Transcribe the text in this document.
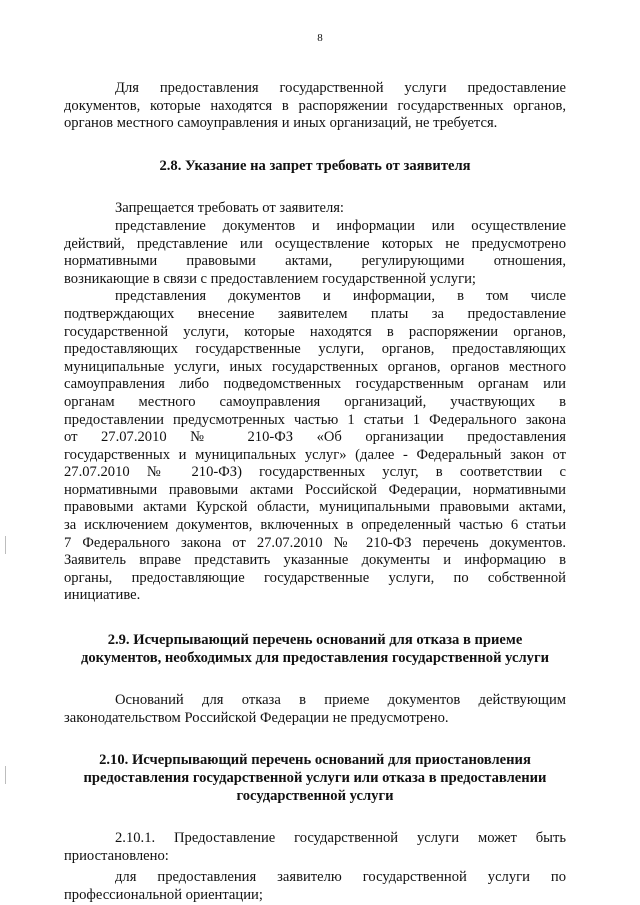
8

Для предоставления государственной услуги предоставление

документов, которые находятся в распоряжении государственных органов,

органов местного самоуправления и иных организаций, не требуется.

2.8. Указание на запрет требовать от заявителя

Запрещается требовать от заявителя:

представление документов и информации или осуществление

действий, представление или осуществление которых не предусмотрено

нормативными правовыми актами, регулирующими отношения,

возникающие в связи с предоставлением государственной услуги;

представления документов и информации, в том числе

подтверждающих внесение заявителем платы за предоставление

государственной услуги, которые находятся в распоряжении органов,

предоставляющих государственные услуги, органов, предоставляющих

муниципальные услуги, иных государственных органов, органов местного

самоуправления либо подведомственных государственным органам или

органам местного самоуправления организаций, участвующих в

предоставлении предусмотренных частью 1 статьи 1 Федерального закона

от 27.07.2010 № 210-ФЗ «Об организации предоставления

государственных и муниципальных услуг» (далее - Федеральный закон от

27.07.2010 № 210-ФЗ) государственных услуг, в соответствии с

нормативными правовыми актами Российской Федерации, нормативными

правовыми актами Курской области, муниципальными правовыми актами,

за исключением документов, включенных в определенный частью 6 статьи

7 Федерального закона от 27.07.2010 № 210-ФЗ перечень документов.

Заявитель вправе представить указанные документы и информацию в

органы, предоставляющие государственные услуги, по собственной

инициативе.

2.9. Исчерпывающий перечень оснований для отказа в приеме

документов, необходимых для предоставления государственной услуги

Оснований для отказа в приеме документов действующим

законодательством Российской Федерации не предусмотрено.

2.10. Исчерпывающий перечень оснований для приостановления

предоставления государственной услуги или отказа в предоставлении

государственной услуги

2.10.1. Предоставление государственной услуги может быть

приостановлено:

для предоставления заявителю государственной услуги по

профессиональной ориентации;
